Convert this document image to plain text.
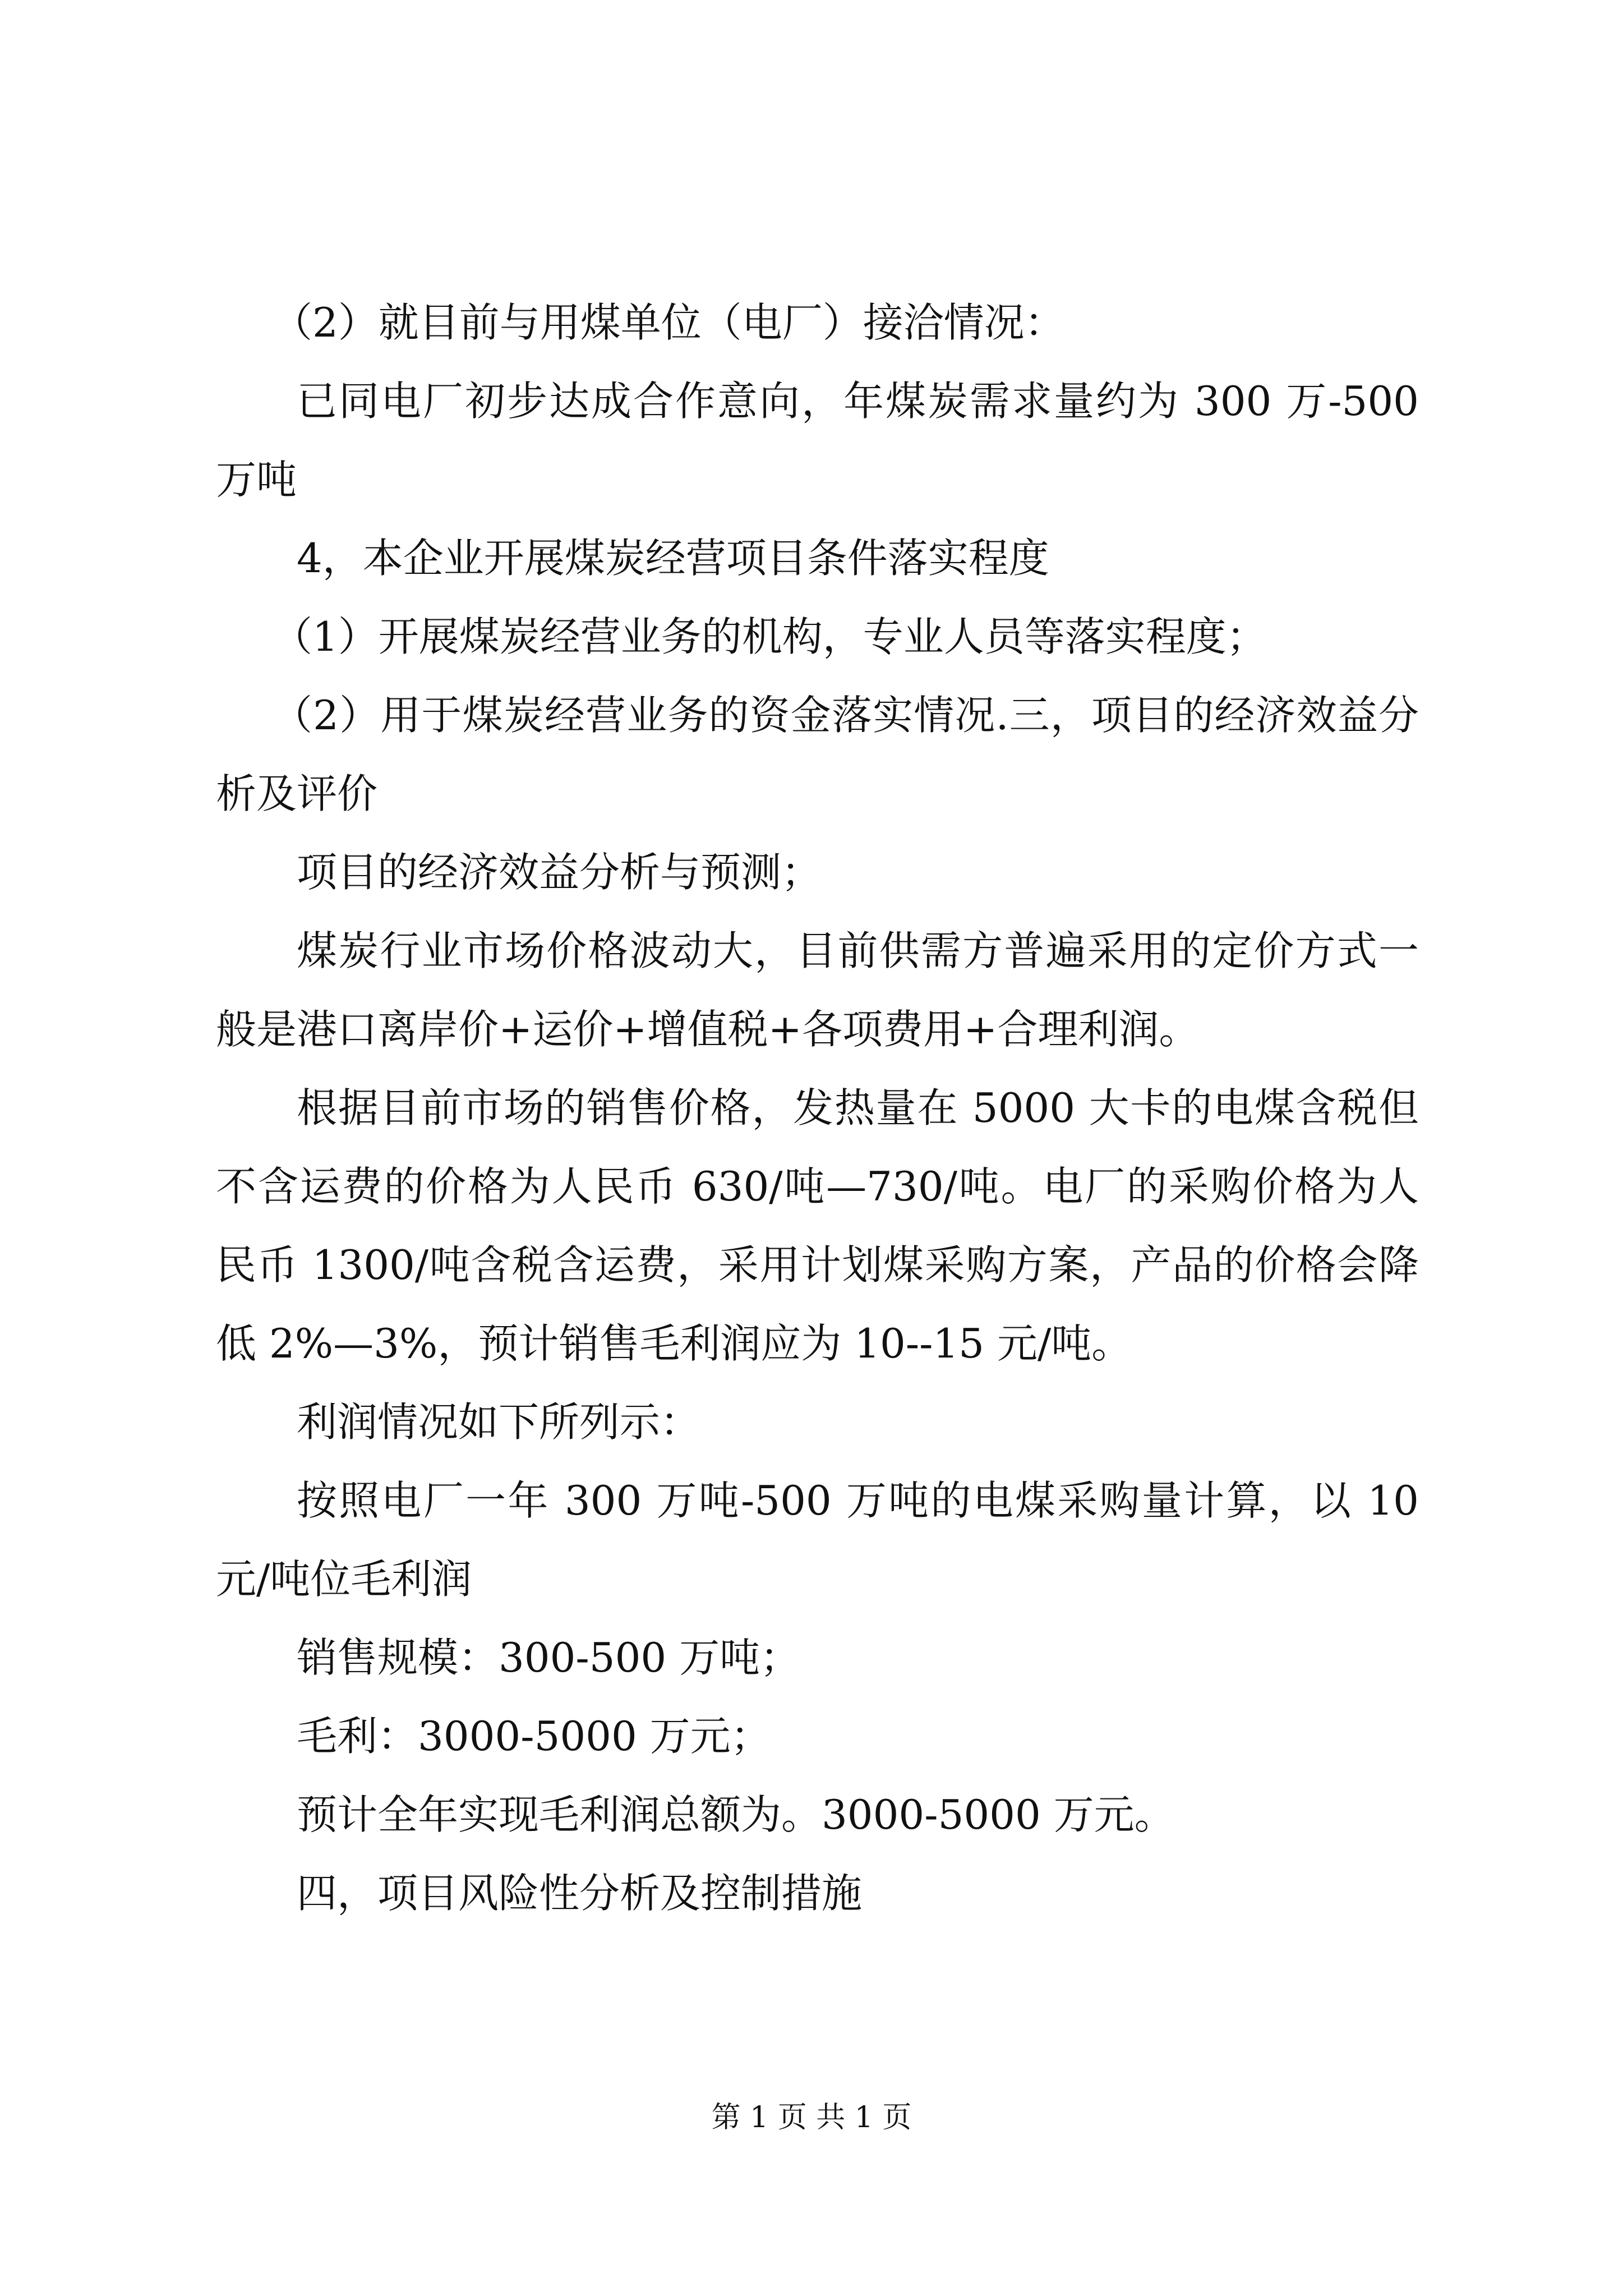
（2）就目前与用煤单位（电厂）接洽情况：

已同电厂初步达成合作意向，年煤炭需求量约为 300 万-500 万吨

4，本企业开展煤炭经营项目条件落实程度

（1）开展煤炭经营业务的机构，专业人员等落实程度；

（2）用于煤炭经营业务的资金落实情况.三，项目的经济效益分析及评价

项目的经济效益分析与预测；

煤炭行业市场价格波动大，目前供需方普遍采用的定价方式一般是港口离岸价+运价+增值税+各项费用+合理利润。

根据目前市场的销售价格，发热量在 5000 大卡的电煤含税但不含运费的价格为人民币 630/吨—730/吨。电厂的采购价格为人民币 1300/吨含税含运费，采用计划煤采购方案，产品的价格会降低 2%—3%，预计销售毛利润应为 10--15 元/吨。

利润情况如下所列示：

按照电厂一年 300 万吨-500 万吨的电煤采购量计算，以 10 元/吨位毛利润

销售规模：300-500 万吨；

毛利：3000-5000 万元；

预计全年实现毛利润总额为。3000-5000 万元。

四，项目风险性分析及控制措施

第 1 页 共 1 页
